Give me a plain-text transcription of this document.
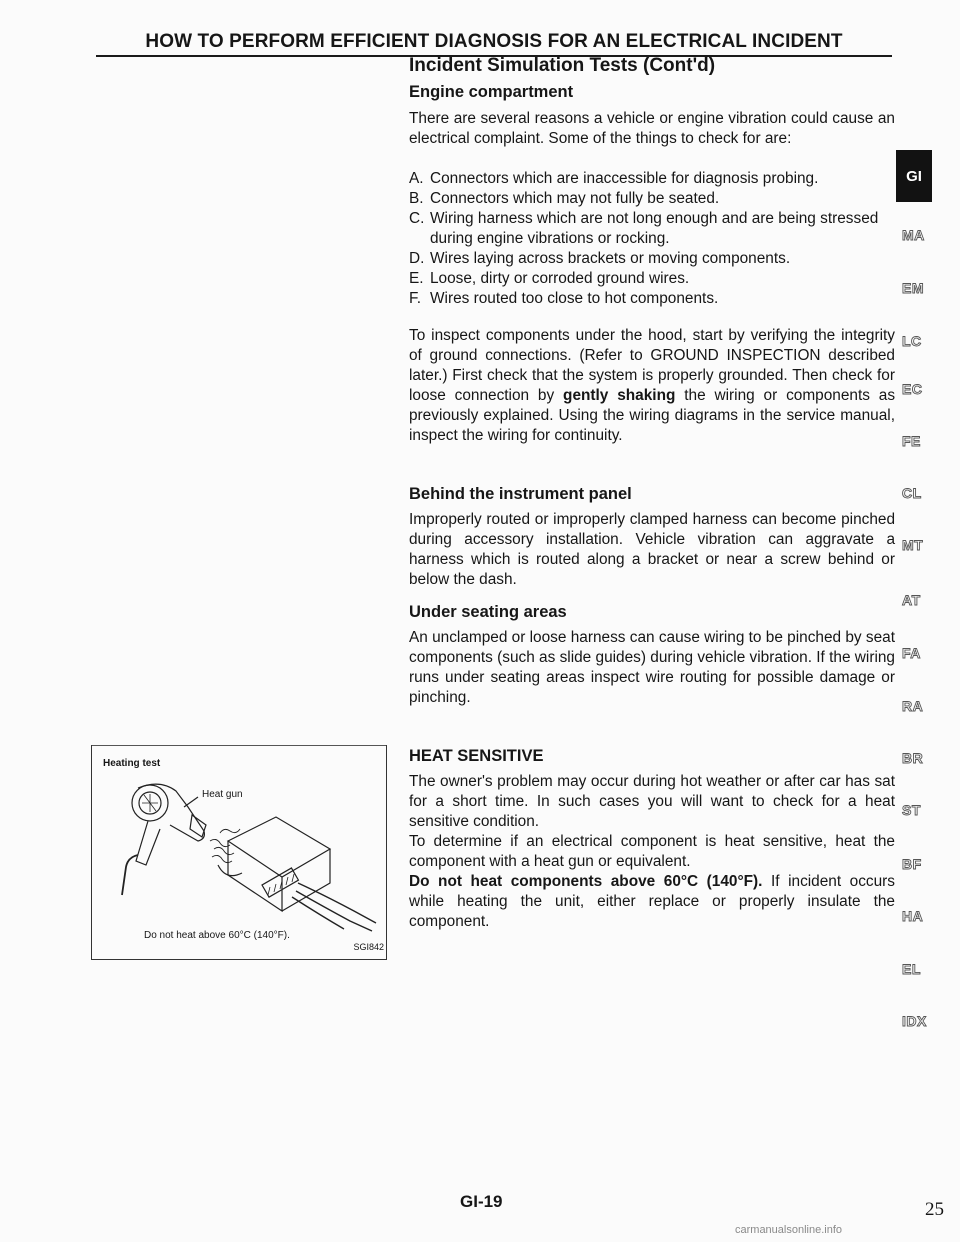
HOW TO PERFORM EFFICIENT DIAGNOSIS FOR AN ELECTRICAL INCIDENT
Incident Simulation Tests (Cont'd)
Engine compartment

There are several reasons a vehicle or engine vibration could cause an electrical complaint. Some of the things to check for are:

A. Connectors which are inaccessible for diagnosis probing.
B. Connectors which may not fully be seated.
C. Wiring harness which are not long enough and are being stressed during engine vibrations or rocking.
D. Wires laying across brackets or moving components.
E. Loose, dirty or corroded ground wires.
F. Wires routed too close to hot components.

To inspect components under the hood, start by verifying the integrity of ground connections. (Refer to GROUND INSPECTION described later.) First check that the system is properly grounded. Then check for loose connection by gently shaking the wiring or components as previously explained. Using the wiring diagrams in the service manual, inspect the wiring for continuity.

Behind the instrument panel

Improperly routed or improperly clamped harness can become pinched during accessory installation. Vehicle vibration can aggravate a harness which is routed along a bracket or near a screw behind or below the dash.

Under seating areas

An unclamped or loose harness can cause wiring to be pinched by seat components (such as slide guides) during vehicle vibration. If the wiring runs under seating areas inspect wire routing for possible damage or pinching.

HEAT SENSITIVE

The owner's problem may occur during hot weather or after car has sat for a short time. In such cases you will want to check for a heat sensitive condition.

To determine if an electrical component is heat sensitive, heat the component with a heat gun or equivalent.

Do not heat components above 60°C (140°F). If incident occurs while heating the unit, either replace or properly insulate the component.

Heating test
Heat gun
Do not heat above 60°C (140°F).
SGI842
GI
MA
EM
LC
EC
FE
CL
MT
AT
FA
RA
BR
ST
BF
HA
EL
IDX
GI-19	25
carmanualsonline.info
